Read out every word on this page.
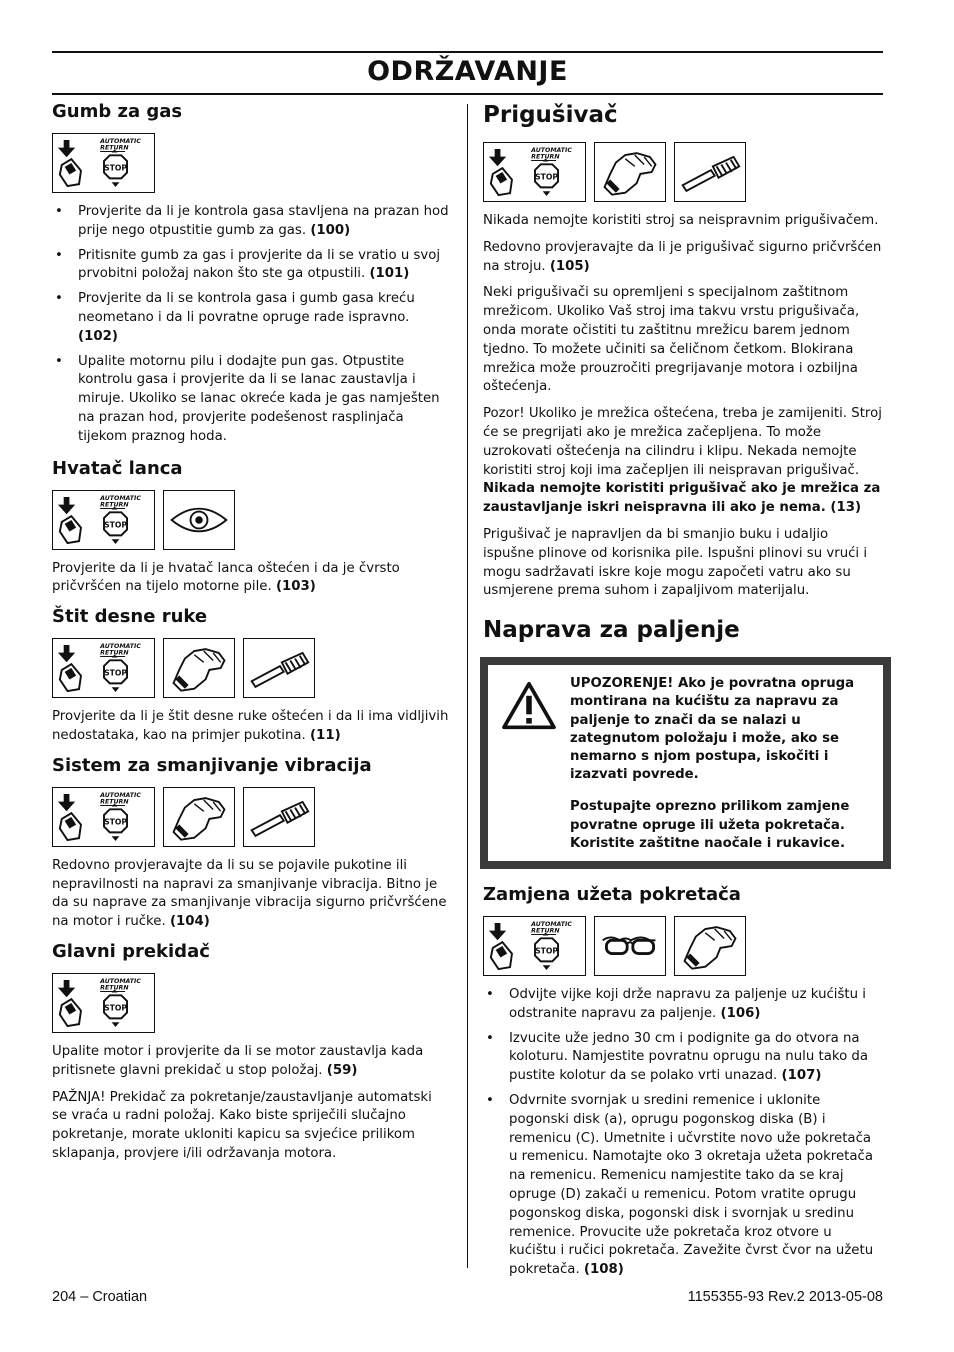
ODRŽAVANJE
Gumb za gas
• Provjerite da li je kontrola gasa stavljena na prazan hod prije nego otpustitie gumb za gas. (100)
• Pritisnite gumb za gas i provjerite da li se vratio u svoj prvobitni položaj nakon što ste ga otpustili. (101)
• Provjerite da li se kontrola gasa i gumb gasa kreću neometano i da li povratne opruge rade ispravno. (102)
• Upalite motornu pilu i dodajte pun gas. Otpustite kontrolu gasa i provjerite da li se lanac zaustavlja i miruje. Ukoliko se lanac okreće kada je gas namješten na prazan hod, provjerite podešenost rasplinjača tijekom praznog hoda.
Hvatač lanca

Provjerite da li je hvatač lanca oštećen i da je čvrsto pričvršćen na tijelo motorne pile. (103)

Štit desne ruke

Provjerite da li je štit desne ruke oštećen i da li ima vidljivih nedostataka, kao na primjer pukotina. (11)

Sistem za smanjivanje vibracija

Redovno provjeravajte da li su se pojavile pukotine ili nepravilnosti na napravi za smanjivanje vibracija. Bitno je da su naprave za smanjivanje vibracija sigurno pričvršćene na motor i ručke. (104)

Glavni prekidač

Upalite motor i provjerite da li se motor zaustavlja kada pritisnete glavni prekidač u stop položaj. (59)

PAŽNJA! Prekidač za pokretanje/zaustavljanje automatski se vraća u radni položaj. Kako biste spriječili slučajno pokretanje, morate ukloniti kapicu sa svjećice prilikom sklapanja, provjere i/ili održavanja motora.

Prigušivač

Nikada nemojte koristiti stroj sa neispravnim prigušivačem.

Redovno provjeravajte da li je prigušivač sigurno pričvršćen na stroju. (105)

Neki prigušivači su opremljeni s specijalnom zaštitnom mrežicom. Ukoliko Vaš stroj ima takvu vrstu prigušivača, onda morate očistiti tu zaštitnu mrežicu barem jednom tjedno. To možete učiniti sa čeličnom četkom. Blokirana mrežica može prouzročiti pregrijavanje motora i ozbiljna oštećenja.

Pozor! Ukoliko je mrežica oštećena, treba je zamijeniti. Stroj će se pregrijati ako je mrežica začepljena. To može uzrokovati oštećenja na cilindru i klipu. Nekada nemojte koristiti stroj koji ima začepljen ili neispravan prigušivač. Nikada nemojte koristiti prigušivač ako je mrežica za zaustavljanje iskri neispravna ili ako je nema. (13)

Prigušivač je napravljen da bi smanjio buku i udaljio ispušne plinove od korisnika pile. Ispušni plinovi su vrući i mogu sadržavati iskre koje mogu započeti vatru ako su usmjerene prema suhom i zapaljivom materijalu.

Naprava za paljenje

UPOZORENJE! Ako je povratna opruga montirana na kućištu za napravu za paljenje to znači da se nalazi u zategnutom položaju i može, ako se nemarno s njom postupa, iskočiti i izazvati povrede.

Postupajte oprezno prilikom zamjene povratne opruge ili užeta pokretača. Koristite zaštitne naočale i rukavice.

Zamjena užeta pokretača
• Odvijte vijke koji drže napravu za paljenje uz kućištu i odstranite napravu za paljenje. (106)
• Izvucite uže jedno 30 cm i podignite ga do otvora na koloturu. Namjestite povratnu oprugu na nulu tako da pustite kolotur da se polako vrti unazad. (107)
• Odvrnite svornjak u sredini remenice i uklonite pogonski disk (a), oprugu pogonskog diska (B) i remenicu (C). Umetnite i učvrstite novo uže pokretača u remenicu. Namotajte oko 3 okretaja užeta pokretača na remenicu. Remenicu namjestite tako da se kraj opruge (D) zakači u remenicu. Potom vratite oprugu pogonskog diska, pogonski disk i svornjak u sredinu remenice. Provucite uže pokretača kroz otvore u kućištu i ručici pokretača. Zavežite čvrst čvor na užetu pokretača. (108)
204 – Croatian	1155355-93 Rev.2 2013-05-08
